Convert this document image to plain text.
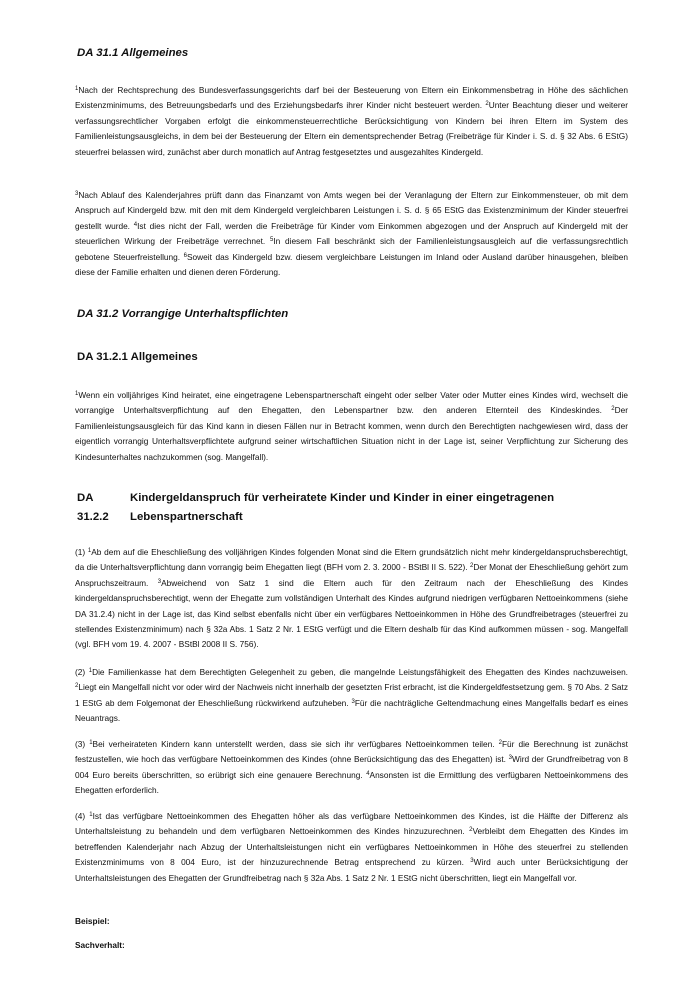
DA 31.1 Allgemeines

$^1$Nach der Rechtsprechung des Bundesverfassungsgerichts darf bei der Besteuerung von Eltern ein Einkommensbetrag in Höhe des sächlichen Existenzminimums, des Betreuungsbedarfs und des Erziehungsbedarfs ihrer Kinder nicht besteuert werden. $^2$Unter Beachtung dieser und weiterer verfassungsrechtlicher Vorgaben erfolgt die einkommensteuerrechtliche Berücksichtigung von Kindern bei ihren Eltern im System des Familienleistungsausgleichs, in dem bei der Besteuerung der Eltern ein dementsprechender Betrag (Freibeträge für Kinder i. S. d. § 32 Abs. 6 EStG) steuerfrei belassen wird, zunächst aber durch monatlich auf Antrag festgesetztes und ausgezahltes Kindergeld.

$^3$Nach Ablauf des Kalenderjahres prüft dann das Finanzamt von Amts wegen bei der Veranlagung der Eltern zur Einkommensteuer, ob mit dem Anspruch auf Kindergeld bzw. mit den mit dem Kindergeld vergleichbaren Leistungen i. S. d. § 65 EStG das Existenzminimum der Kinder steuerfrei gestellt wurde. $^4$Ist dies nicht der Fall, werden die Freibeträge für Kinder vom Einkommen abgezogen und der Anspruch auf Kindergeld mit der steuerlichen Wirkung der Freibeträge verrechnet. $^5$In diesem Fall beschränkt sich der Familienleistungsausgleich auf die verfassungsrechtlich gebotene Steuerfreistellung. $^6$Soweit das Kindergeld bzw. diesem vergleichbare Leistungen im Inland oder Ausland darüber hinausgehen, bleiben diese der Familie erhalten und dienen deren Förderung.

DA 31.2 Vorrangige Unterhaltspflichten
DA 31.2.1 Allgemeines

$^1$Wenn ein volljähriges Kind heiratet, eine eingetragene Lebenspartnerschaft eingeht oder selber Vater oder Mutter eines Kindes wird, wechselt die vorrangige Unterhaltsverpflichtung auf den Ehegatten, den Lebenspartner bzw. den anderen Elternteil des Kindeskindes. $^2$Der Familienleistungsausgleich für das Kind kann in diesen Fällen nur in Betracht kommen, wenn durch den Berechtigten nachgewiesen wird, dass der eigentlich vorrangig Unterhaltsverpflichtete aufgrund seiner wirtschaftlichen Situation nicht in der Lage ist, seiner Verpflichtung zur Sicherung des Kindesunterhaltes nachzukommen (sog. Mangelfall).

DA 31.2.2
Kindergeldanspruch für verheiratete Kinder und Kinder in einer eingetragenen Lebenspartnerschaft

(1) $^1$Ab dem auf die Eheschließung des volljährigen Kindes folgenden Monat sind die Eltern grundsätzlich nicht mehr kindergeldanspruchsberechtigt, da die Unterhaltsverpflichtung dann vorrangig beim Ehegatten liegt (BFH vom 2. 3. 2000 - BStBl II S. 522). $^2$Der Monat der Eheschließung gehört zum Anspruchszeitraum. $^3$Abweichend von Satz 1 sind die Eltern auch für den Zeitraum nach der Eheschließung des Kindes kindergeldanspruchsberechtigt, wenn der Ehegatte zum vollständigen Unterhalt des Kindes aufgrund niedrigen verfügbaren Nettoeinkommens (siehe DA 31.2.4) nicht in der Lage ist, das Kind selbst ebenfalls nicht über ein verfügbares Nettoeinkommen in Höhe des Grundfreibetrages (steuerfrei zu stellendes Existenzminimum) nach § 32a Abs. 1 Satz 2 Nr. 1 EStG verfügt und die Eltern deshalb für das Kind aufkommen müssen - sog. Mangelfall (vgl. BFH vom 19. 4. 2007 - BStBl 2008 II S. 756).

(2) $^1$Die Familienkasse hat dem Berechtigten Gelegenheit zu geben, die mangelnde Leistungsfähigkeit des Ehegatten des Kindes nachzuweisen. $^2$Liegt ein Mangelfall nicht vor oder wird der Nachweis nicht innerhalb der gesetzten Frist erbracht, ist die Kindergeldfestsetzung gem. § 70 Abs. 2 Satz 1 EStG ab dem Folgemonat der Eheschließung rückwirkend aufzuheben. $^3$Für die nachträgliche Geltendmachung eines Mangelfalls bedarf es eines Neuantrags.

(3) $^1$Bei verheirateten Kindern kann unterstellt werden, dass sie sich ihr verfügbares Nettoeinkommen teilen. $^2$Für die Berechnung ist zunächst festzustellen, wie hoch das verfügbare Nettoeinkommen des Kindes (ohne Berücksichtigung das des Ehegatten) ist. $^3$Wird der Grundfreibetrag von 8 004 Euro bereits überschritten, so erübrigt sich eine genauere Berechnung. $^4$Ansonsten ist die Ermittlung des verfügbaren Nettoeinkommens des Ehegatten erforderlich.

(4) $^1$Ist das verfügbare Nettoeinkommen des Ehegatten höher als das verfügbare Nettoeinkommen des Kindes, ist die Hälfte der Differenz als Unterhaltsleistung zu behandeln und dem verfügbaren Nettoeinkommen des Kindes hinzuzurechnen. $^2$Verbleibt dem Ehegatten des Kindes im betreffenden Kalenderjahr nach Abzug der Unterhaltsleistungen nicht ein verfügbares Nettoeinkommen in Höhe des steuerfrei zu stellenden Existenzminimums von 8 004 Euro, ist der hinzuzurechnende Betrag entsprechend zu kürzen. $^3$Wird auch unter Berücksichtigung der Unterhaltsleistungen des Ehegatten der Grundfreibetrag nach § 32a Abs. 1 Satz 2 Nr. 1 EStG nicht überschritten, liegt ein Mangelfall vor.

Beispiel:

Sachverhalt:
